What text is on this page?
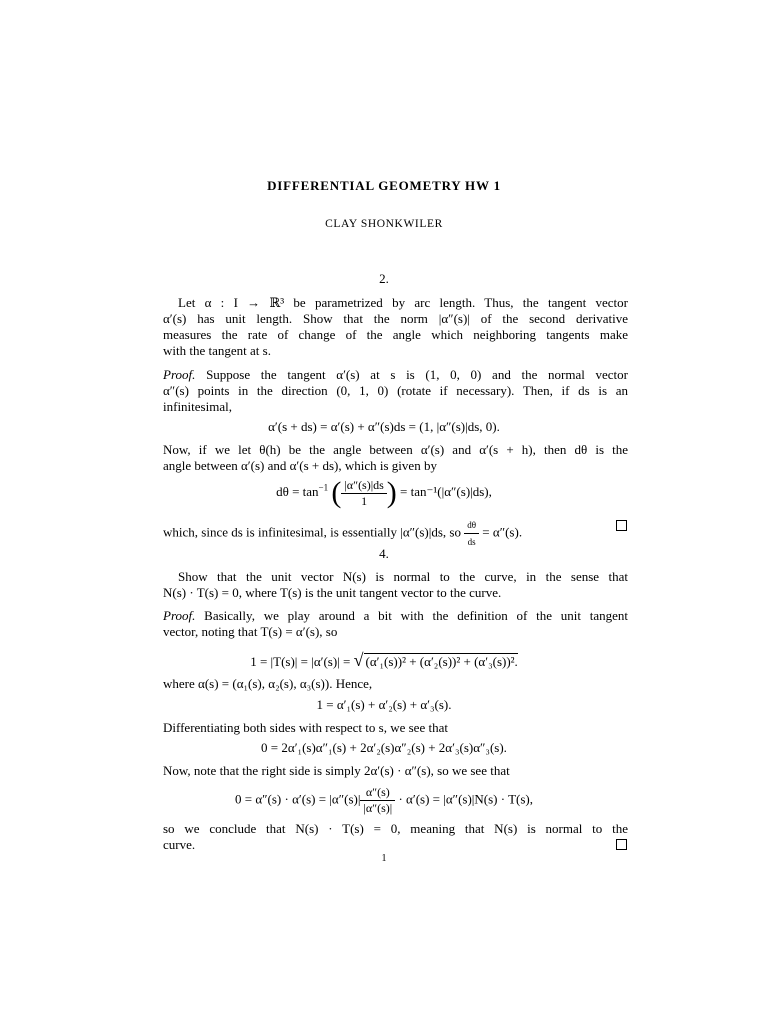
DIFFERENTIAL GEOMETRY HW 1
CLAY SHONKWILER
2.
Let α : I → ℝ³ be parametrized by arc length. Thus, the tangent vector
α′(s) has unit length. Show that the norm |α″(s)| of the second derivative
measures the rate of change of the angle which neighboring tangents make
with the tangent at s.
Proof. Suppose the tangent α′(s) at s is (1, 0, 0) and the normal vector
α″(s) points in the direction (0, 1, 0) (rotate if necessary). Then, if ds is an
infinitesimal,
α′(s + ds) = α′(s) + α″(s)ds = (1, |α″(s)|ds, 0).
Now, if we let θ(h) be the angle between α′(s) and α′(s + h), then dθ is the
angle between α′(s) and α′(s + ds), which is given by
$d\theta = \tan^{-1}$ ( $\frac{|\alpha''(s)|ds}{1}$ ) = tan⁻¹(|α″(s)|ds),
which, since ds is infinitesimal, is essentially |α″(s)|ds, so $\frac{d\theta}{ds} = \alpha''(s)$.
4.
Show that the unit vector N(s) is normal to the curve, in the sense that
N(s) · T(s) = 0, where T(s) is the unit tangent vector to the curve.
Proof. Basically, we play around a bit with the definition of the unit tangent
vector, noting that T(s) = α′(s), so
1 = |T(s)| = |α′(s)| = √ (α′₁(s))² + (α′₂(s))² + (α′₃(s))².
where α(s) = (α₁(s), α₂(s), α₃(s)). Hence,
1 = α′₁(s) + α′₂(s) + α′₃(s).
Differentiating both sides with respect to s, we see that
0 = 2α′₁(s)α″₁(s) + 2α′₂(s)α″₂(s) + 2α′₃(s)α″₃(s).
Now, note that the right side is simply 2α′(s) · α″(s), so we see that
$0 = \alpha''(s) \cdot \alpha'(s) = |\alpha''(s)| \frac{\alpha''(s)}{|\alpha''(s)|} \cdot \alpha'(s) = |\alpha''(s)|N(s) \cdot T(s)$,
so we conclude that N(s) · T(s) = 0, meaning that N(s) is normal to the
curve.
1
